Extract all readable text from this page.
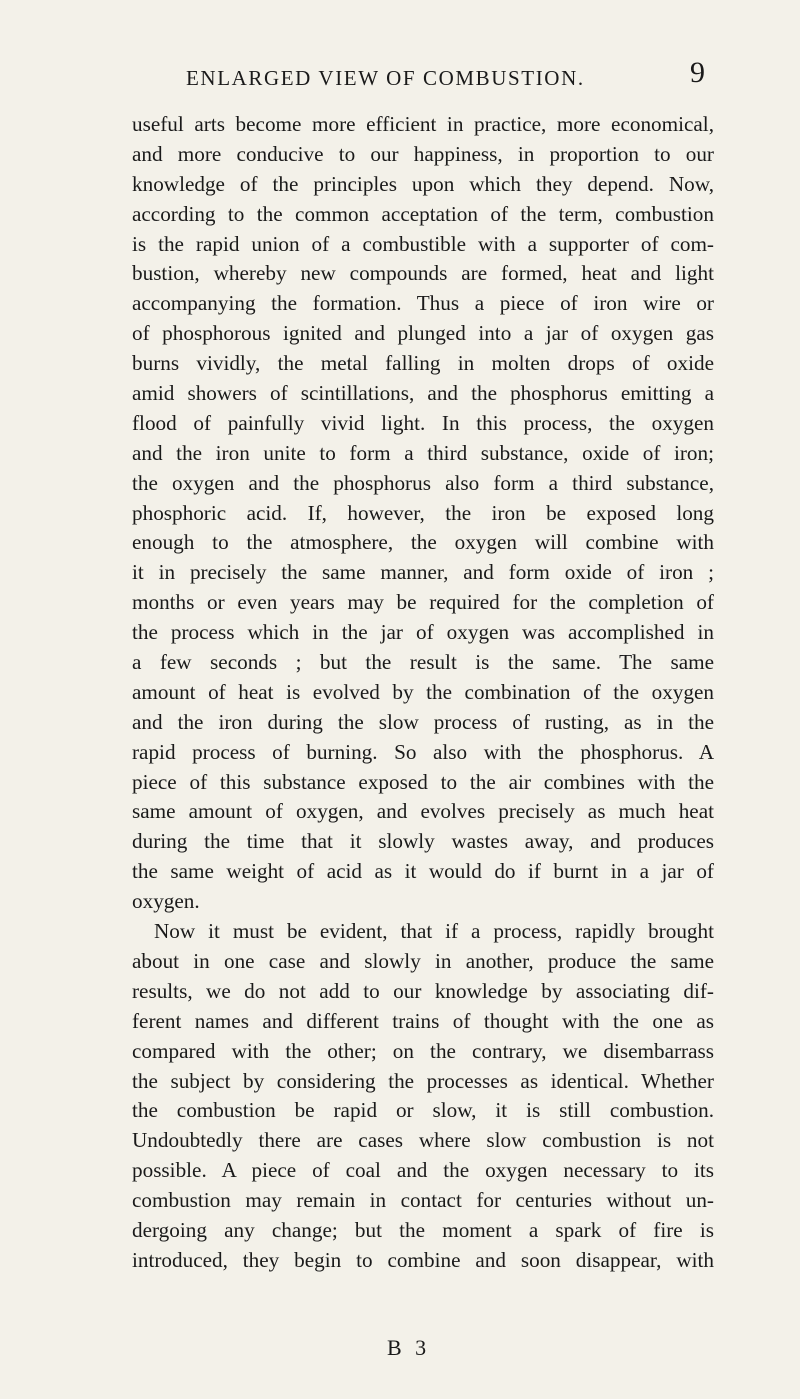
ENLARGED VIEW OF COMBUSTION.	9
useful arts become more efficient in practice, more economical,
and more conducive to our happiness, in proportion to our
knowledge of the principles upon which they depend. Now,
according to the common acceptation of the term, combustion
is the rapid union of a combustible with a supporter of com-
bustion, whereby new compounds are formed, heat and light
accompanying the formation. Thus a piece of iron wire or
of phosphorous ignited and plunged into a jar of oxygen gas
burns vividly, the metal falling in molten drops of oxide
amid showers of scintillations, and the phosphorus emitting a
flood of painfully vivid light. In this process, the oxygen
and the iron unite to form a third substance, oxide of iron;
the oxygen and the phosphorus also form a third substance,
phosphoric acid. If, however, the iron be exposed long
enough to the atmosphere, the oxygen will combine with
it in precisely the same manner, and form oxide of iron ;
months or even years may be required for the completion of
the process which in the jar of oxygen was accomplished in
a few seconds ; but the result is the same. The same
amount of heat is evolved by the combination of the oxygen
and the iron during the slow process of rusting, as in the
rapid process of burning. So also with the phosphorus. A
piece of this substance exposed to the air combines with the
same amount of oxygen, and evolves precisely as much heat
during the time that it slowly wastes away, and produces
the same weight of acid as it would do if burnt in a jar of
oxygen.
Now it must be evident, that if a process, rapidly brought
about in one case and slowly in another, produce the same
results, we do not add to our knowledge by associating dif-
ferent names and different trains of thought with the one as
compared with the other; on the contrary, we disembarrass
the subject by considering the processes as identical. Whether
the combustion be rapid or slow, it is still combustion.
Undoubtedly there are cases where slow combustion is not
possible. A piece of coal and the oxygen necessary to its
combustion may remain in contact for centuries without un-
dergoing any change; but the moment a spark of fire is
introduced, they begin to combine and soon disappear, with
B 3
